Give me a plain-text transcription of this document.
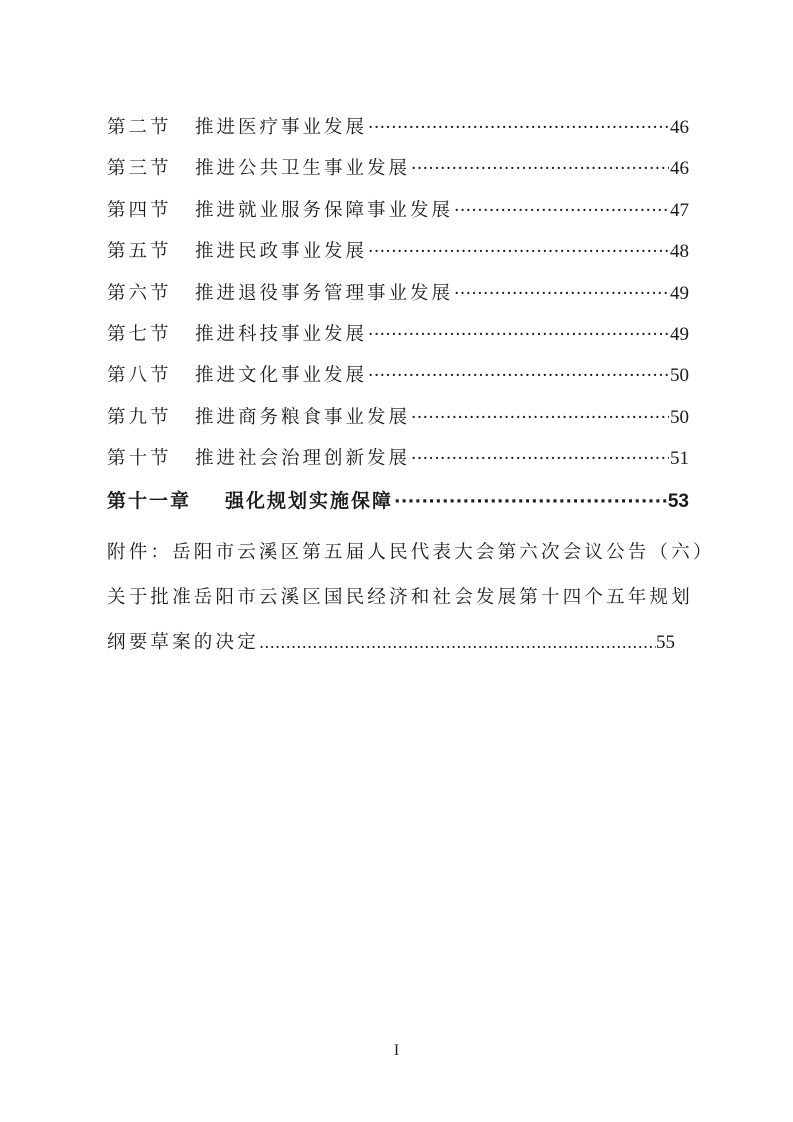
第二节	推进医疗事业发展 ·····	46
第三节	推进公共卫生事业发展 ·····	46
第四节	推进就业服务保障事业发展 ·····	47
第五节	推进民政事业发展 ·····	48
第六节	推进退役事务管理事业发展 ·····	49
第七节	推进科技事业发展 ·····	49
第八节	推进文化事业发展 ·····	50
第九节	推进商务粮食事业发展 ·····	50
第十节	推进社会治理创新发展 ·····	51
第十一章	强化规划实施保障 ·····	53
附件：岳阳市云溪区第五届人民代表大会第六次会议公告（六）
关于批准岳阳市云溪区国民经济和社会发展第十四个五年规划
纲要草案的决定 ……………………………………………………………………………………………………	55
I
